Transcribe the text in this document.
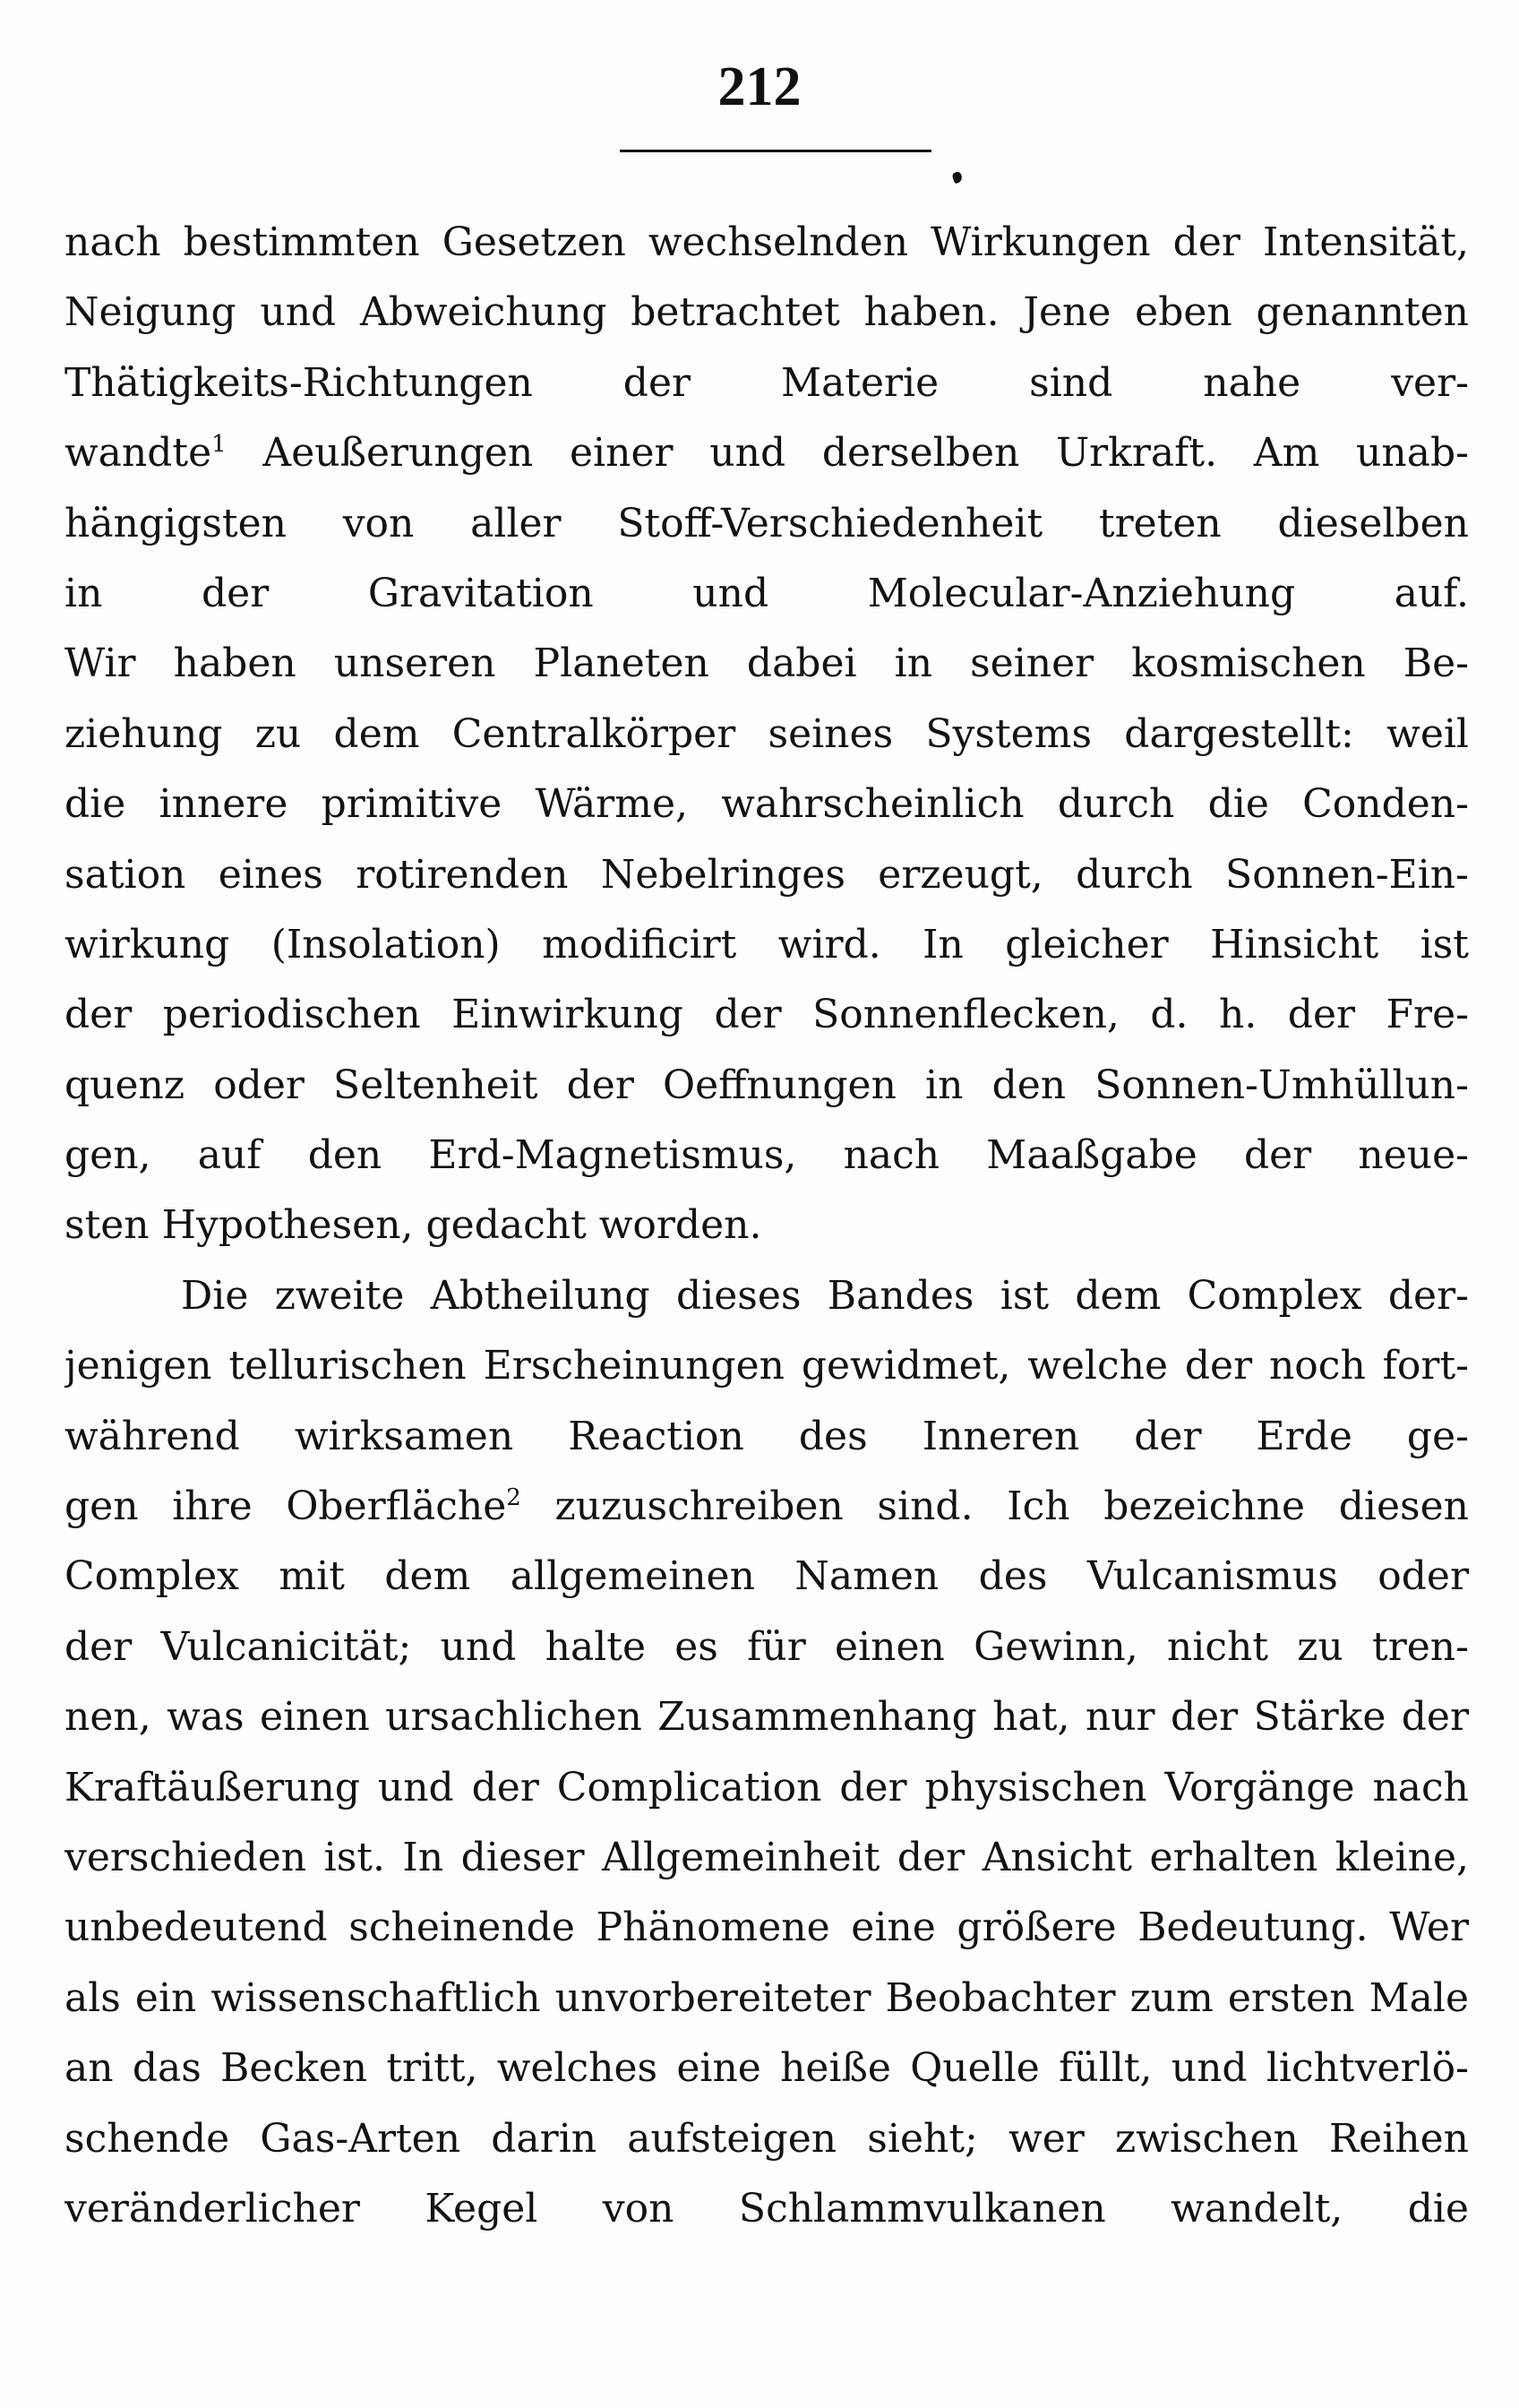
212
nach bestimmten Gesetzen wechselnden Wirkungen der Intensität,
Neigung und Abweichung betrachtet haben. Jene eben genannten
Thätigkeits-Richtungen der Materie sind nahe ver-
wandte$^1$ Aeußerungen einer und derselben Urkraft. Am unab-
hängigsten von aller Stoff-Verschiedenheit treten dieselben
in der Gravitation und Molecular-Anziehung auf.
Wir haben unseren Planeten dabei in seiner kosmischen Be-
ziehung zu dem Centralkörper seines Systems dargestellt: weil
die innere primitive Wärme, wahrscheinlich durch die Conden-
sation eines rotirenden Nebelringes erzeugt, durch Sonnen-Ein-
wirkung (Insolation) modificirt wird. In gleicher Hinsicht ist
der periodischen Einwirkung der Sonnenflecken, d. h. der Fre-
quenz oder Seltenheit der Oeffnungen in den Sonnen-Umhüllun-
gen, auf den Erd-Magnetismus, nach Maaßgabe der neue-
sten Hypothesen, gedacht worden.
Die zweite Abtheilung dieses Bandes ist dem Complex der-
jenigen tellurischen Erscheinungen gewidmet, welche der noch fort-
während wirksamen Reaction des Inneren der Erde ge-
gen ihre Oberfläche$^2$ zuzuschreiben sind. Ich bezeichne diesen
Complex mit dem allgemeinen Namen des Vulcanismus oder
der Vulcanicität; und halte es für einen Gewinn, nicht zu tren-
nen, was einen ursachlichen Zusammenhang hat, nur der Stärke der
Kraftäußerung und der Complication der physischen Vorgänge nach
verschieden ist. In dieser Allgemeinheit der Ansicht erhalten kleine,
unbedeutend scheinende Phänomene eine größere Bedeutung. Wer
als ein wissenschaftlich unvorbereiteter Beobachter zum ersten Male
an das Becken tritt, welches eine heiße Quelle füllt, und lichtverlö-
schende Gas-Arten darin aufsteigen sieht; wer zwischen Reihen
veränderlicher Kegel von Schlammvulkanen wandelt, die
